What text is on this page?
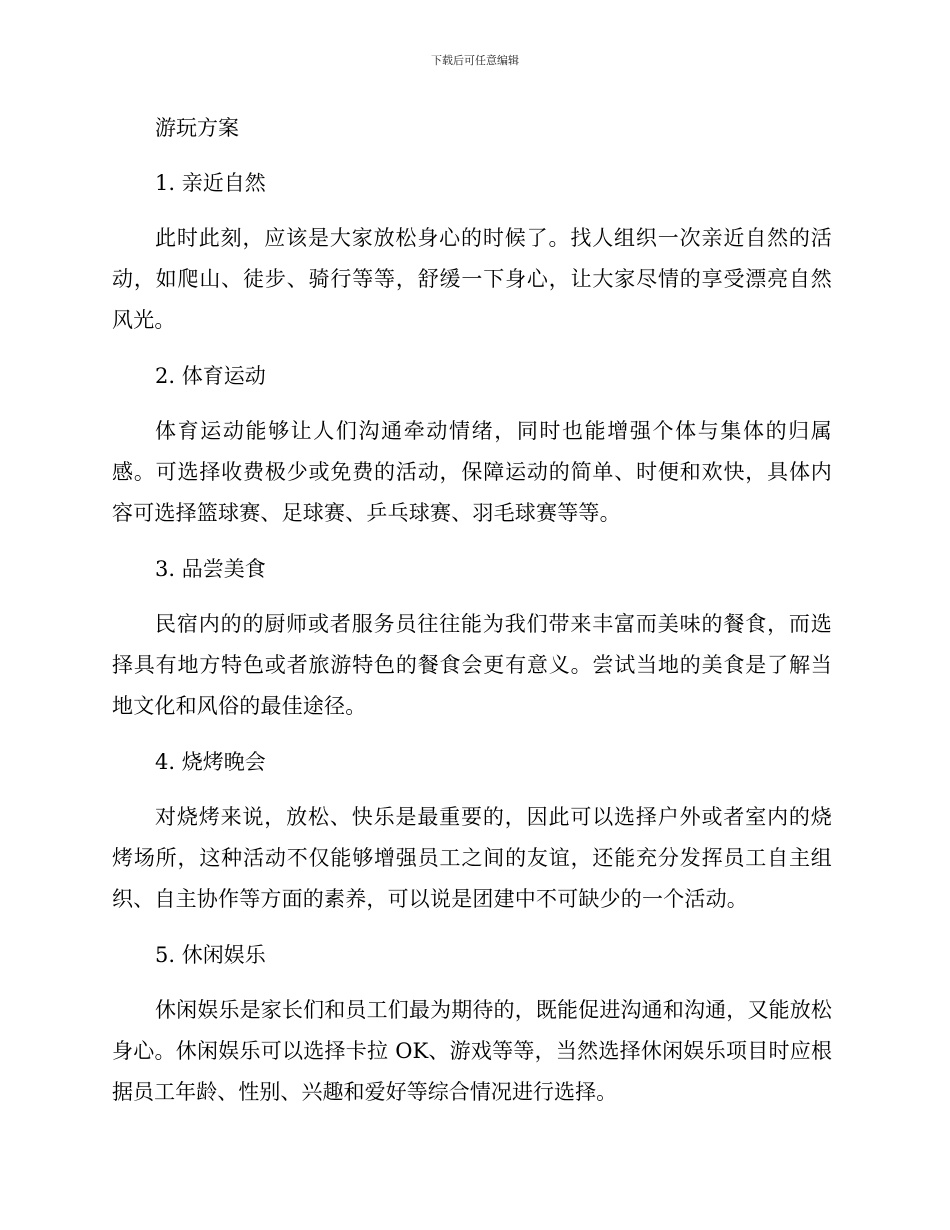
下载后可任意编辑
游玩方案
1. 亲近自然

此时此刻，应该是大家放松身心的时候了。找人组织一次亲近自然的活动，如爬山、徒步、骑行等等，舒缓一下身心，让大家尽情的享受漂亮自然风光。

2. 体育运动

体育运动能够让人们沟通牵动情绪，同时也能增强个体与集体的归属感。可选择收费极少或免费的活动，保障运动的简单、时便和欢快，具体内容可选择篮球赛、足球赛、乒乓球赛、羽毛球赛等等。

3. 品尝美食

民宿内的的厨师或者服务员往往能为我们带来丰富而美味的餐食，而选择具有地方特色或者旅游特色的餐食会更有意义。尝试当地的美食是了解当地文化和风俗的最佳途径。

4. 烧烤晚会

对烧烤来说，放松、快乐是最重要的，因此可以选择户外或者室内的烧烤场所，这种活动不仅能够增强员工之间的友谊，还能充分发挥员工自主组织、自主协作等方面的素养，可以说是团建中不可缺少的一个活动。

5. 休闲娱乐

休闲娱乐是家长们和员工们最为期待的，既能促进沟通和沟通，又能放松身心。休闲娱乐可以选择卡拉 OK、游戏等等，当然选择休闲娱乐项目时应根据员工年龄、性别、兴趣和爱好等综合情况进行选择。
